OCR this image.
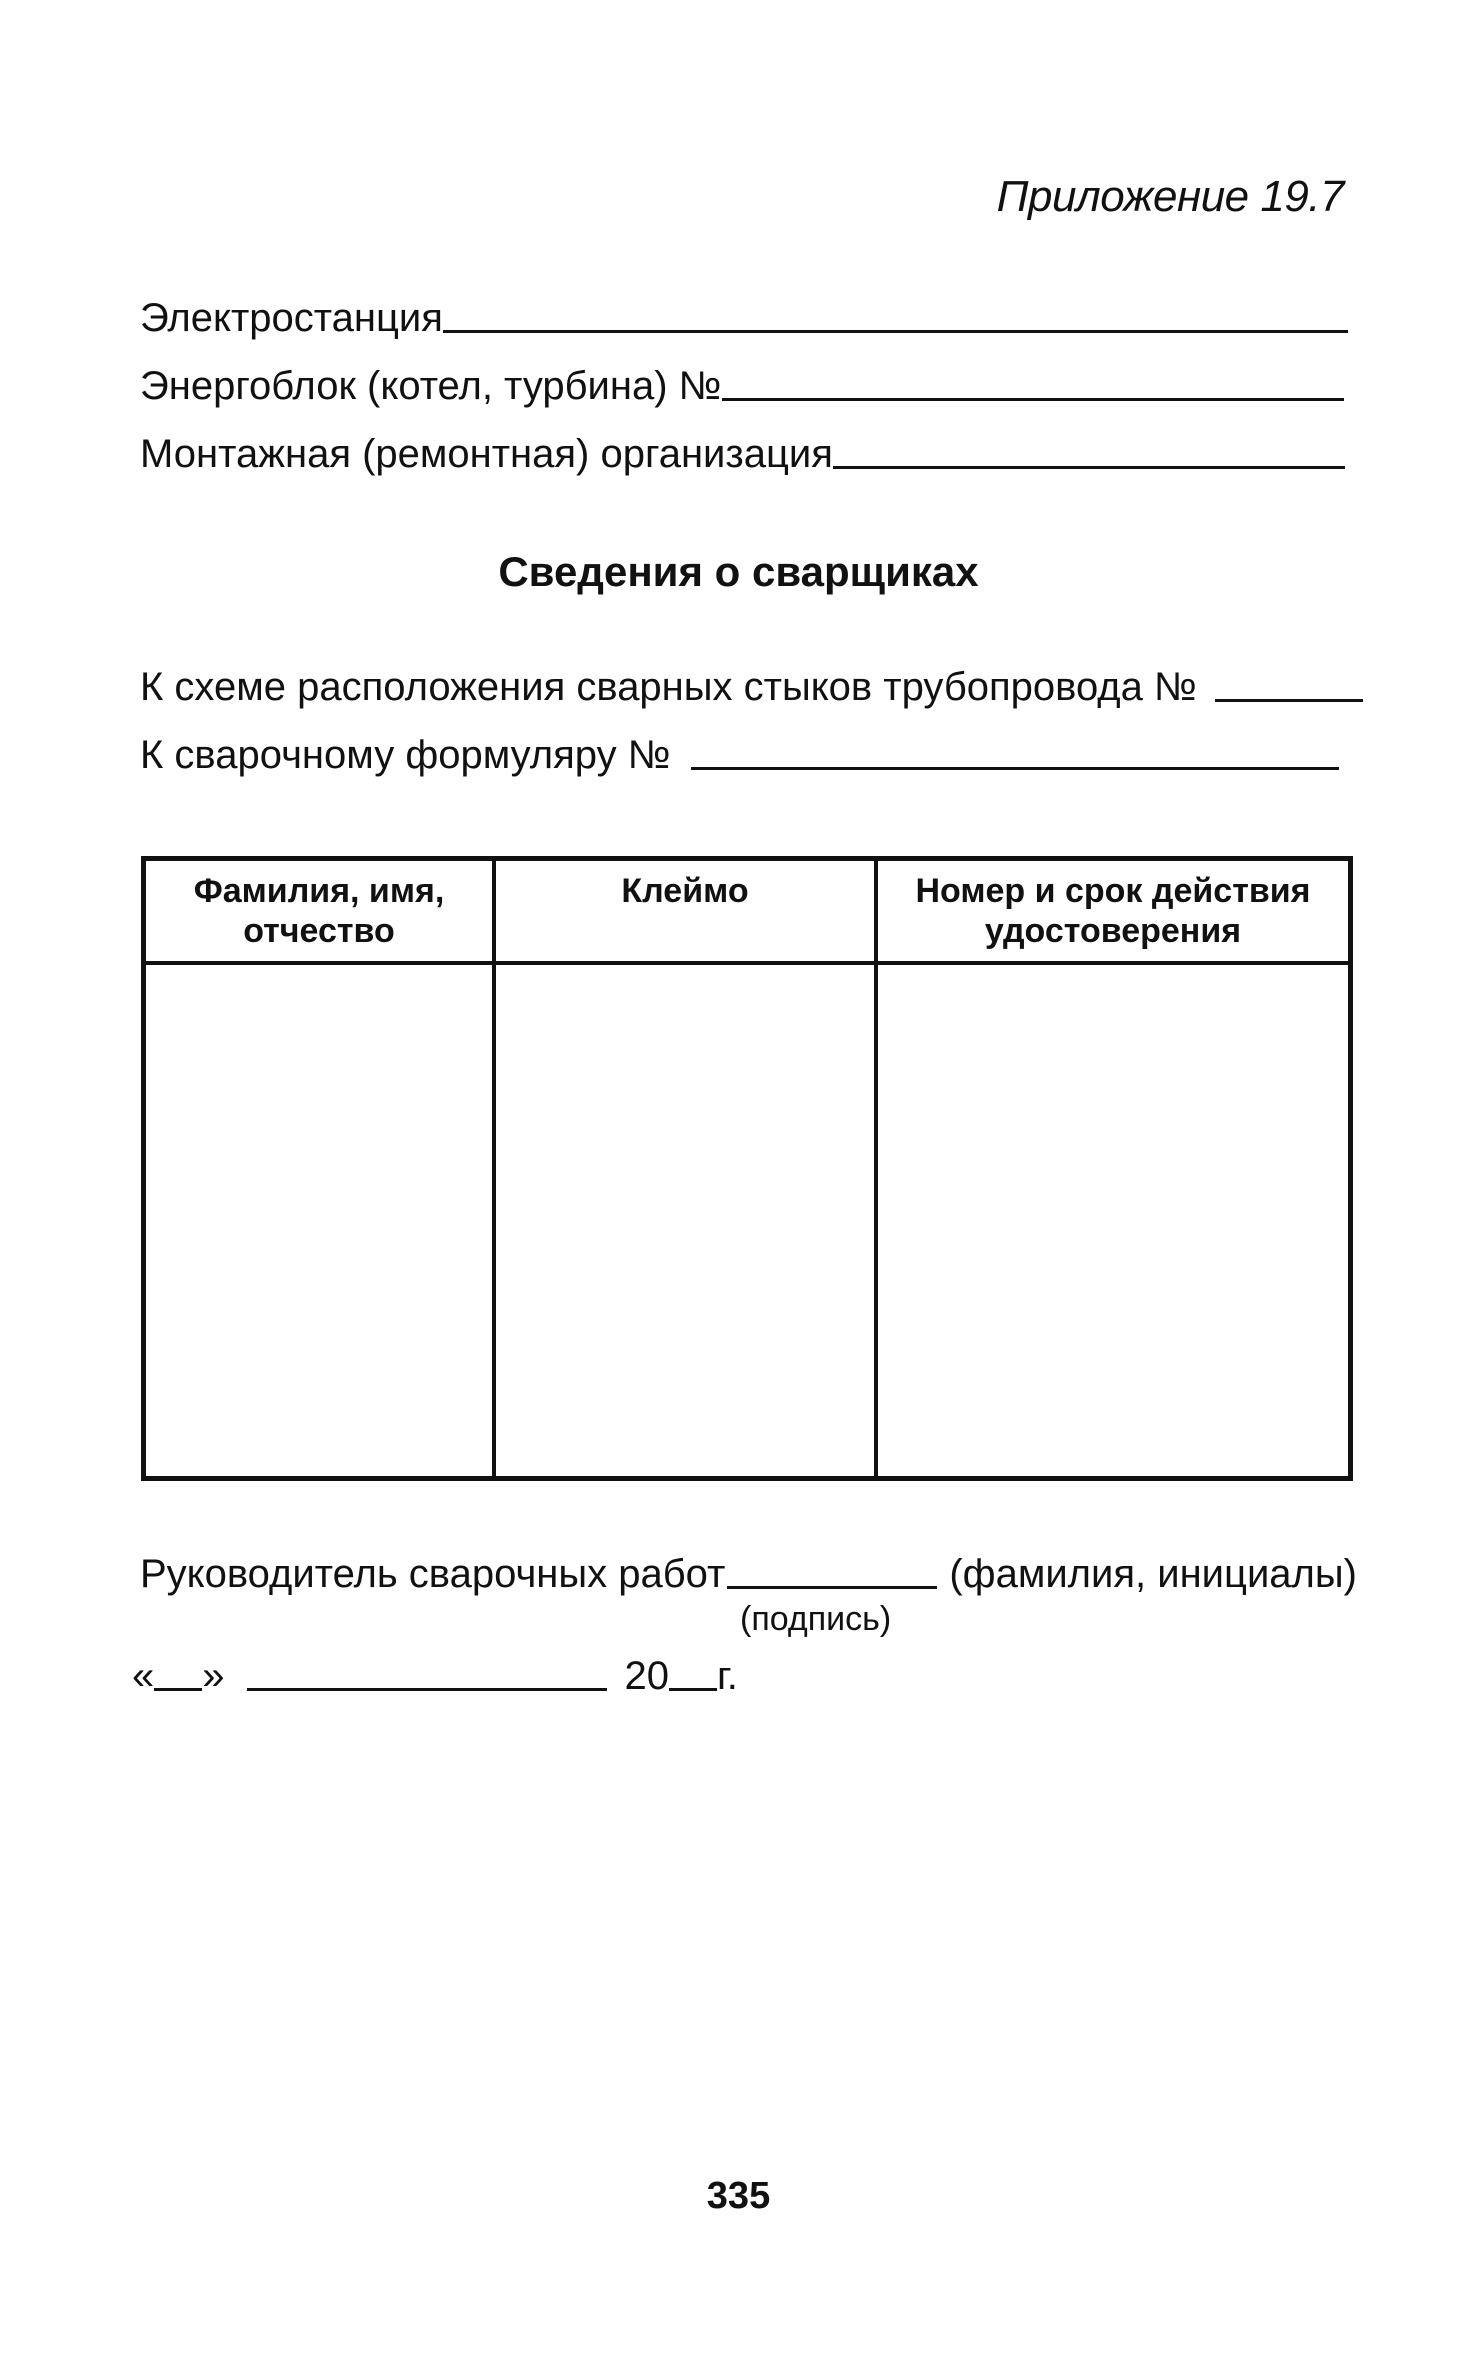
Приложение 19.7
Электростанция
Энергоблок (котел, турбина) №
Монтажная (ремонтная) организация
Сведения о сварщиках
К схеме расположения сварных стыков трубопровода №
К сварочному формуляру №
Фамилия, имя, отчество	Клеймо	Номер и срок действия удостоверения

Руководитель сварочных работ	(фамилия, инициалы)
(подпись)
« »	20 г.
335
